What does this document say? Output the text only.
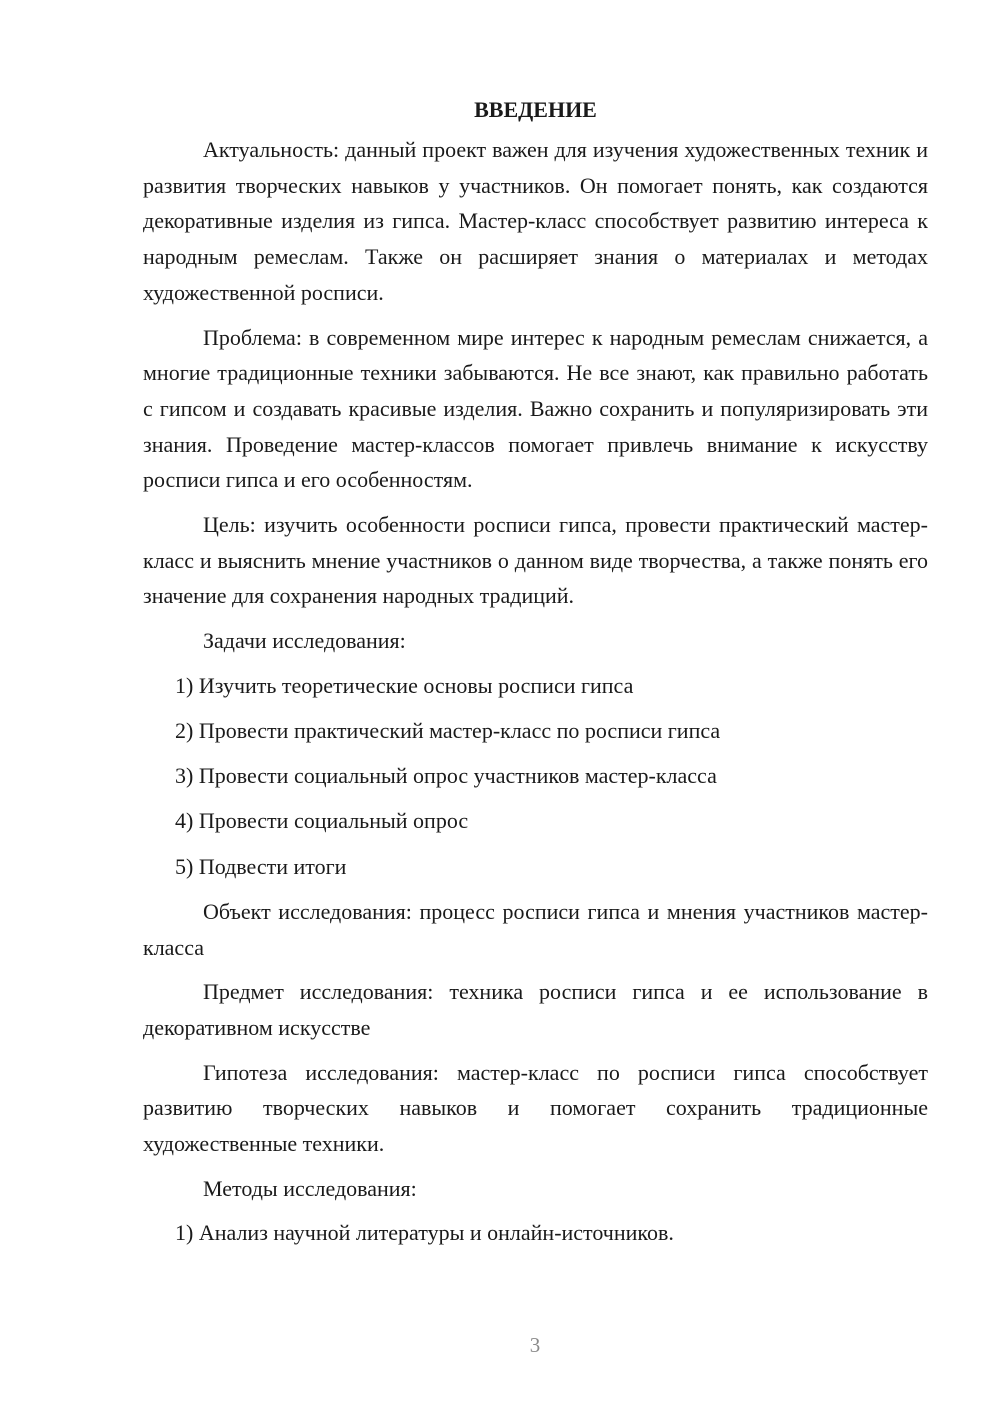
ВВЕДЕНИЕ

Актуальность: данный проект важен для изучения художественных техник и развития творческих навыков у участников. Он помогает понять, как создаются декоративные изделия из гипса. Мастер-класс способствует развитию интереса к народным ремеслам. Также он расширяет знания о материалах и методах художественной росписи.

Проблема: в современном мире интерес к народным ремеслам снижается, а многие традиционные техники забываются. Не все знают, как правильно работать с гипсом и создавать красивые изделия. Важно сохранить и популяризировать эти знания. Проведение мастер-классов помогает привлечь внимание к искусству росписи гипса и его особенностям.

Цель: изучить особенности росписи гипса, провести практический мастер-класс и выяснить мнение участников о данном виде творчества, а также понять его значение для сохранения народных традиций.

Задачи исследования:

1) Изучить теоретические основы росписи гипса
2) Провести практический мастер-класс по росписи гипса
3) Провести социальный опрос участников мастер-класса
4) Провести социальный опрос
5) Подвести итоги

Объект исследования: процесс росписи гипса и мнения участников мастер-класса

Предмет исследования: техника росписи гипса и ее использование в декоративном искусстве

Гипотеза исследования: мастер-класс по росписи гипса способствует развитию творческих навыков и помогает сохранить традиционные художественные техники.

Методы исследования:

1) Анализ научной литературы и онлайн-источников.
3
